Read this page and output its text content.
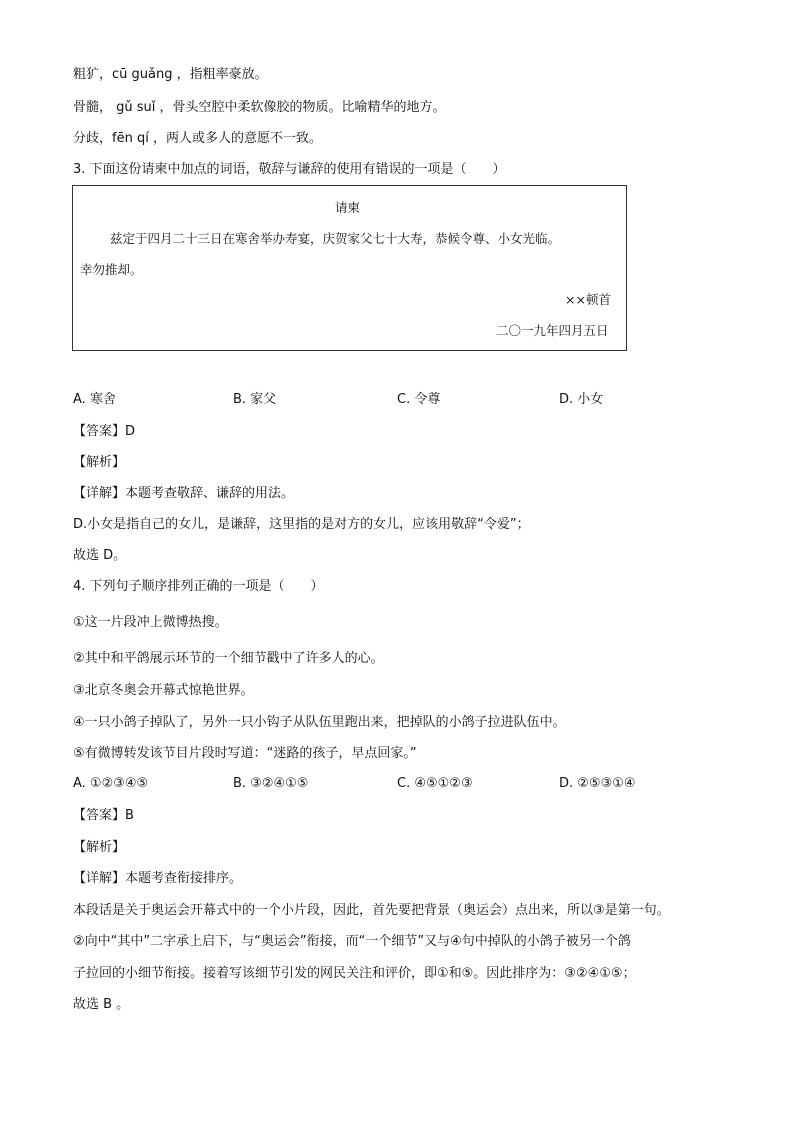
粗犷，cū guǎng ，指粗率豪放。
骨髓， gǔ suǐ ，骨头空腔中柔软像胶的物质。比喻精华的地方。
分歧，fēn qí ，两人或多人的意愿不一致。
3. 下面这份请柬中加点的词语，敬辞与谦辞的使用有错误的一项是（　　）
请柬
兹定于四月二十三日在寒舍举办寿宴，庆贺家父七十大寿，恭候令尊、小女光临。
幸勿推却。
××顿首
二〇一九年四月五日
A. 寒舍	B. 家父	C. 令尊	D. 小女
【答案】D
【解析】
【详解】本题考查敬辞、谦辞的用法。
D.小女是指自己的女儿，是谦辞，这里指的是对方的女儿，应该用敬辞“令爱”；
故选 D。
4. 下列句子顺序排列正确的一项是（　　）
①这一片段冲上微博热搜。
②其中和平鸽展示环节的一个细节戳中了许多人的心。
③北京冬奥会开幕式惊艳世界。
④一只小鸽子掉队了，另外一只小钩子从队伍里跑出来，把掉队的小鸽子拉进队伍中。
⑤有微博转发该节目片段时写道：“迷路的孩子，早点回家。”
A. ①②③④⑤	B. ③②④①⑤	C. ④⑤①②③	D. ②⑤③①④
【答案】B
【解析】
【详解】本题考查衔接排序。
本段话是关于奥运会开幕式中的一个小片段，因此，首先要把背景（奥运会）点出来，所以③是第一句。
②向中“其中”二字承上启下，与“奥运会”衔接，而“一个细节”又与④句中掉队的小鸽子被另一个鸽
子拉回的小细节衔接。接着写该细节引发的网民关注和评价，即①和⑤。因此排序为：③②④①⑤；
故选 B 。
